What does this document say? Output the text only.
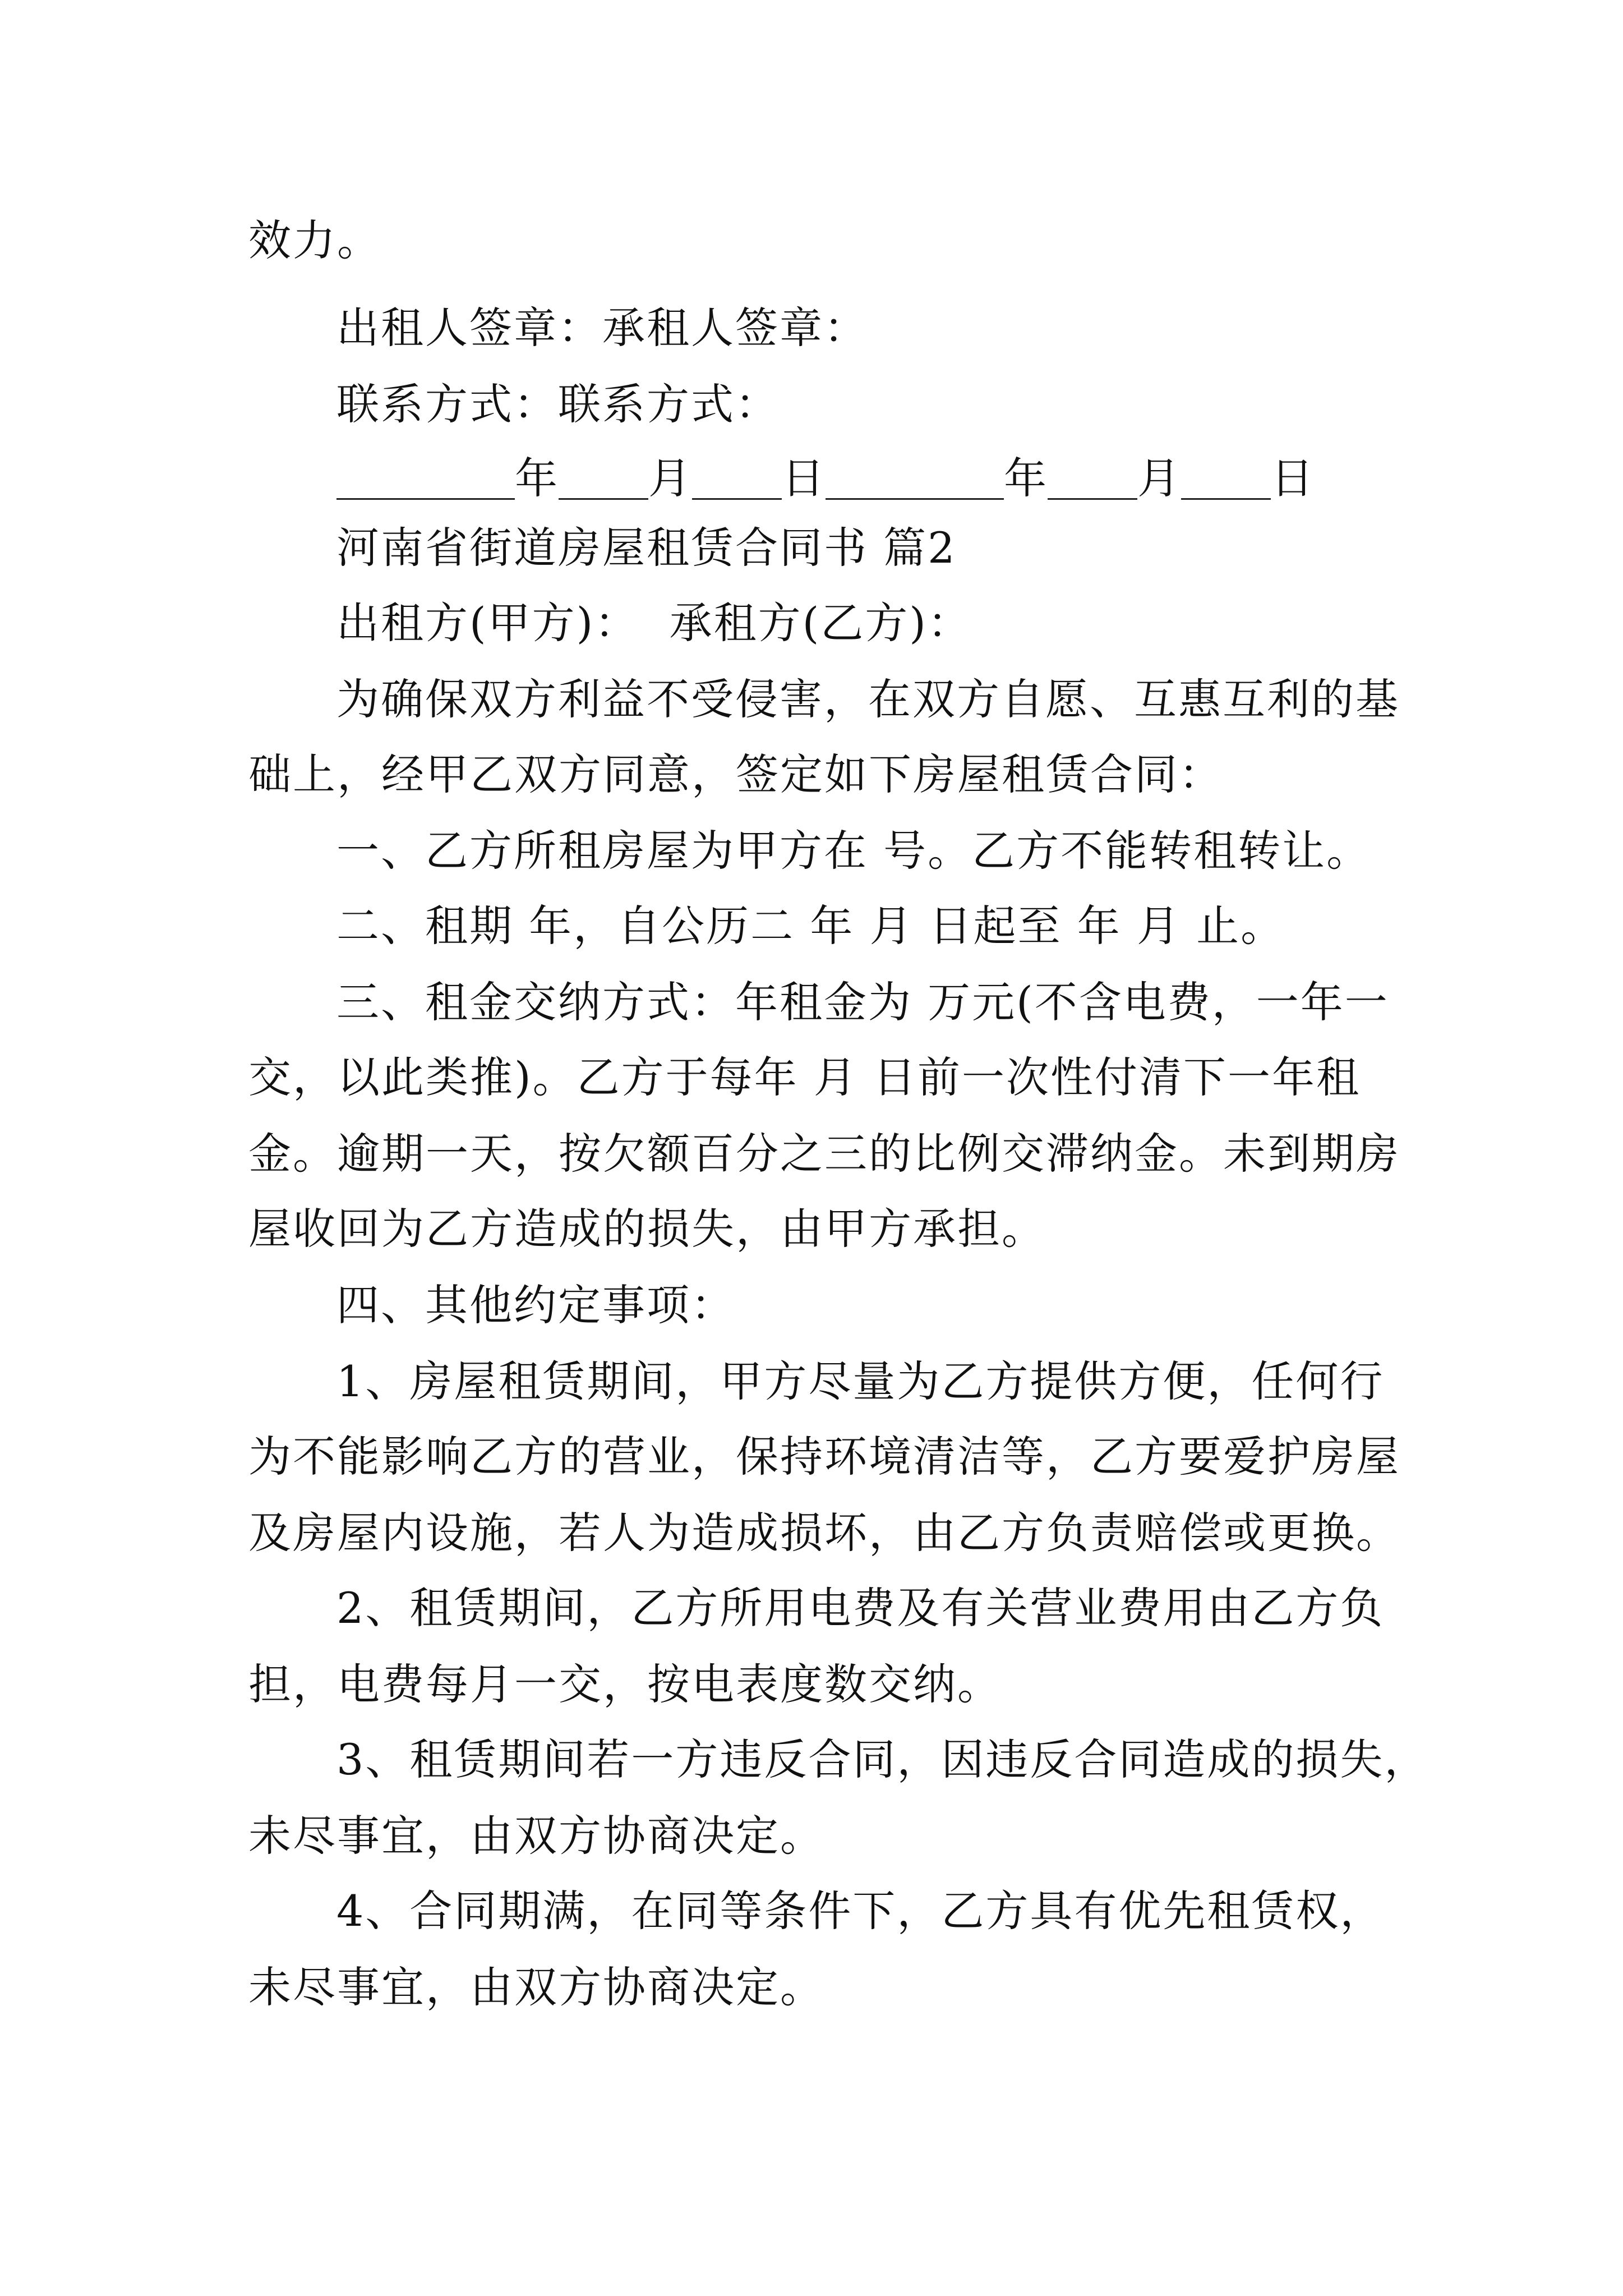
效力。
出租人签章：承租人签章：
联系方式：联系方式：
年 月 日	年 月 日
河南省街道房屋租赁合同书 篇2
出租方(甲方)：  承租方(乙方)：
为确保双方利益不受侵害，在双方自愿、互惠互利的基
础上，经甲乙双方同意，签定如下房屋租赁合同：
一、乙方所租房屋为甲方在 号。乙方不能转租转让。
二、租期 年，自公历二 年 月 日起至 年 月 止。
三、租金交纳方式：年租金为 万元(不含电费，一年一
交，以此类推)。乙方于每年 月 日前一次性付清下一年租
金。逾期一天，按欠额百分之三的比例交滞纳金。未到期房
屋收回为乙方造成的损失，由甲方承担。
四、其他约定事项：
1、房屋租赁期间，甲方尽量为乙方提供方便，任何行
为不能影响乙方的营业，保持环境清洁等，乙方要爱护房屋
及房屋内设施，若人为造成损坏，由乙方负责赔偿或更换。
2、租赁期间，乙方所用电费及有关营业费用由乙方负
担，电费每月一交，按电表度数交纳。
3、租赁期间若一方违反合同，因违反合同造成的损失，
未尽事宜，由双方协商决定。
4、合同期满，在同等条件下，乙方具有优先租赁权，
未尽事宜，由双方协商决定。
